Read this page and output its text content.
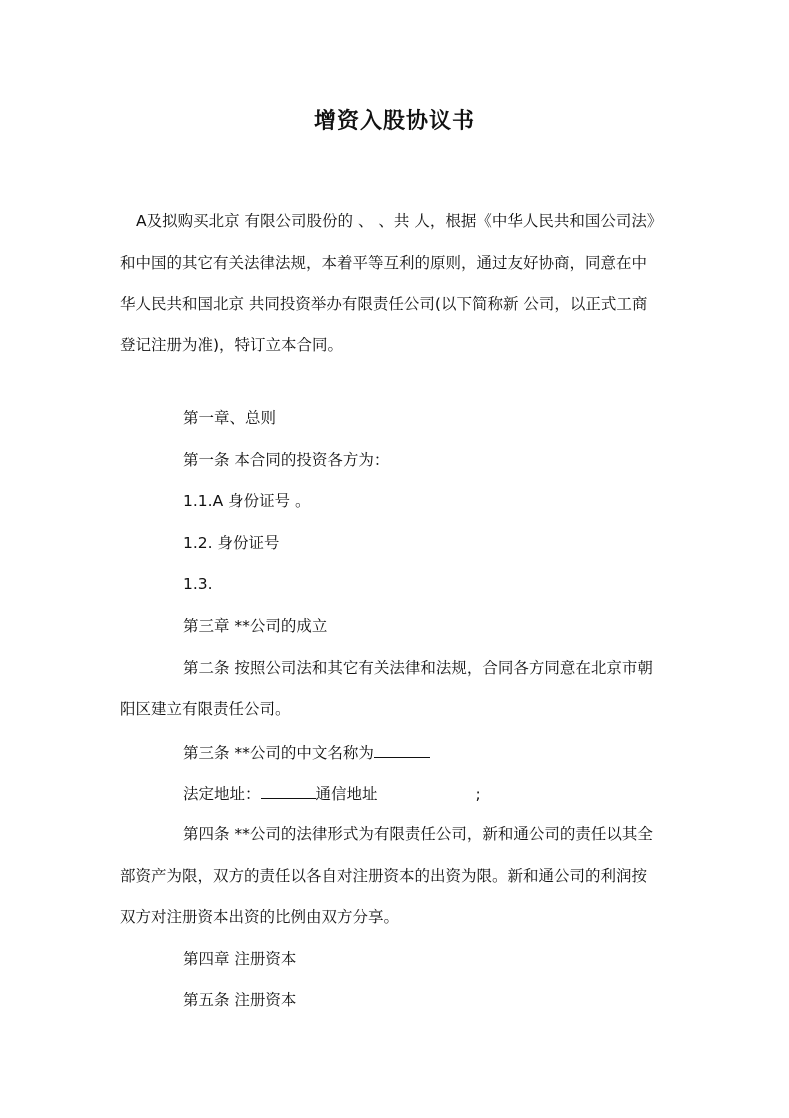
增资入股协议书
A及拟购买北京 有限公司股份的 、 、共 人，根据《中华人民共和国公司法》
和中国的其它有关法律法规，本着平等互利的原则，通过友好协商，同意在中
华人民共和国北京 共同投资举办有限责任公司(以下简称新 公司，以正式工商
登记注册为准)，特订立本合同。
第一章、总则
第一条 本合同的投资各方为：
1.1.A 身份证号 。
1.2. 身份证号
1.3.
第三章 **公司的成立
第二条 按照公司法和其它有关法律和法规，合同各方同意在北京市朝
阳区建立有限责任公司。
第三条 **公司的中文名称为
法定地址：	通信地址	;
第四条 **公司的法律形式为有限责任公司，新和通公司的责任以其全
部资产为限，双方的责任以各自对注册资本的出资为限。新和通公司的利润按
双方对注册资本出资的比例由双方分享。
第四章 注册资本
第五条 注册资本
